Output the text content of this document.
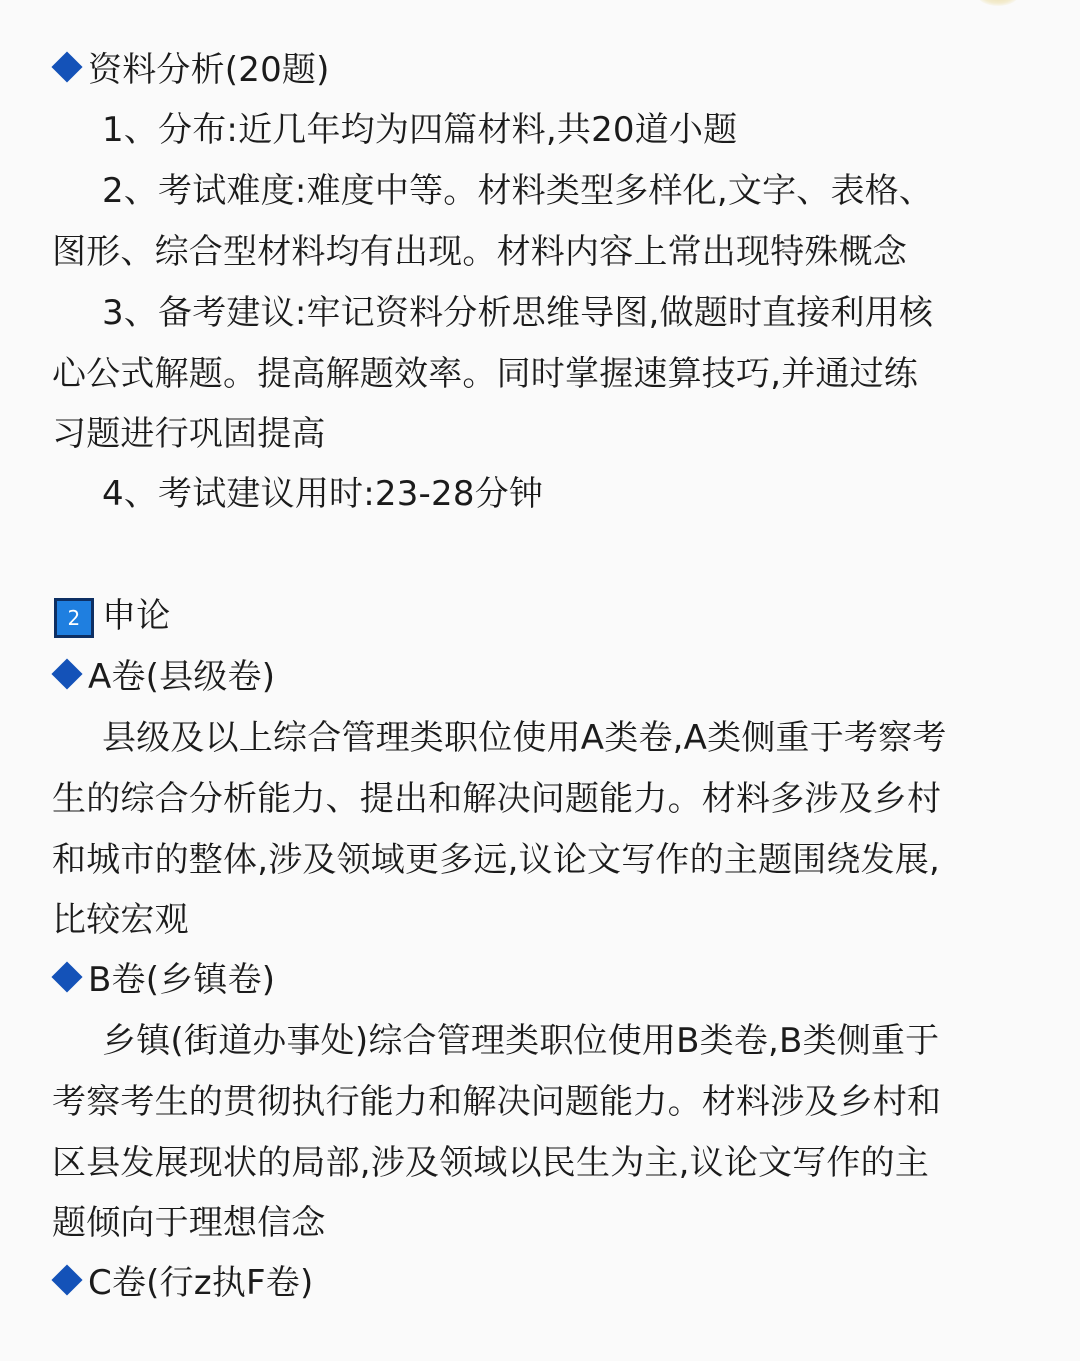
资料分析(20题)
1、分布:近几年均为四篇材料,共20道小题
2、考试难度:难度中等。材料类型多样化,文字、表格、
图形、综合型材料均有出现。材料内容上常出现特殊概念
3、备考建议:牢记资料分析思维导图,做题时直接利用核
心公式解题。提高解题效率。同时掌握速算技巧,并通过练
习题进行巩固提高
4、考试建议用时:23-28分钟
2 申论
A卷(县级卷)
县级及以上综合管理类职位使用A类卷,A类侧重于考察考
生的综合分析能力、提出和解决问题能力。材料多涉及乡村
和城市的整体,涉及领域更多远,议论文写作的主题围绕发展,
比较宏观
B卷(乡镇卷)
乡镇(街道办事处)综合管理类职位使用B类卷,B类侧重于
考察考生的贯彻执行能力和解决问题能力。材料涉及乡村和
区县发展现状的局部,涉及领域以民生为主,议论文写作的主
题倾向于理想信念
C卷(行z执F卷)
